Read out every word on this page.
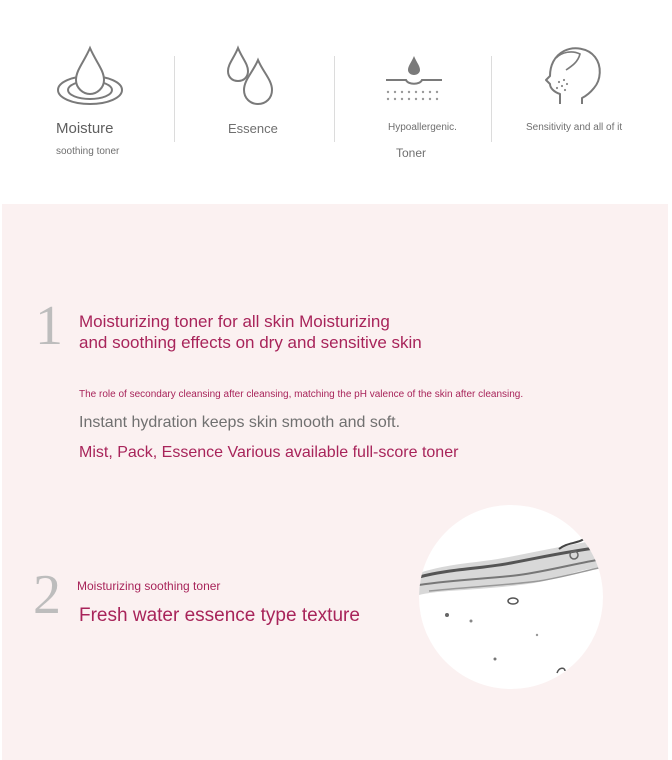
Moisture
soothing toner
Essence	Hypoallergenic.
Toner
Sensitivity and all of it
1 Moisturizing toner for all skin Moisturizing
and soothing effects on dry and sensitive skin
The role of secondary cleansing after cleansing, matching the pH valence of the skin after cleansing.
Instant hydration keeps skin smooth and soft.
Mist, Pack, Essence Various available full-score toner
2 Moisturizing soothing toner
Fresh water essence type texture
